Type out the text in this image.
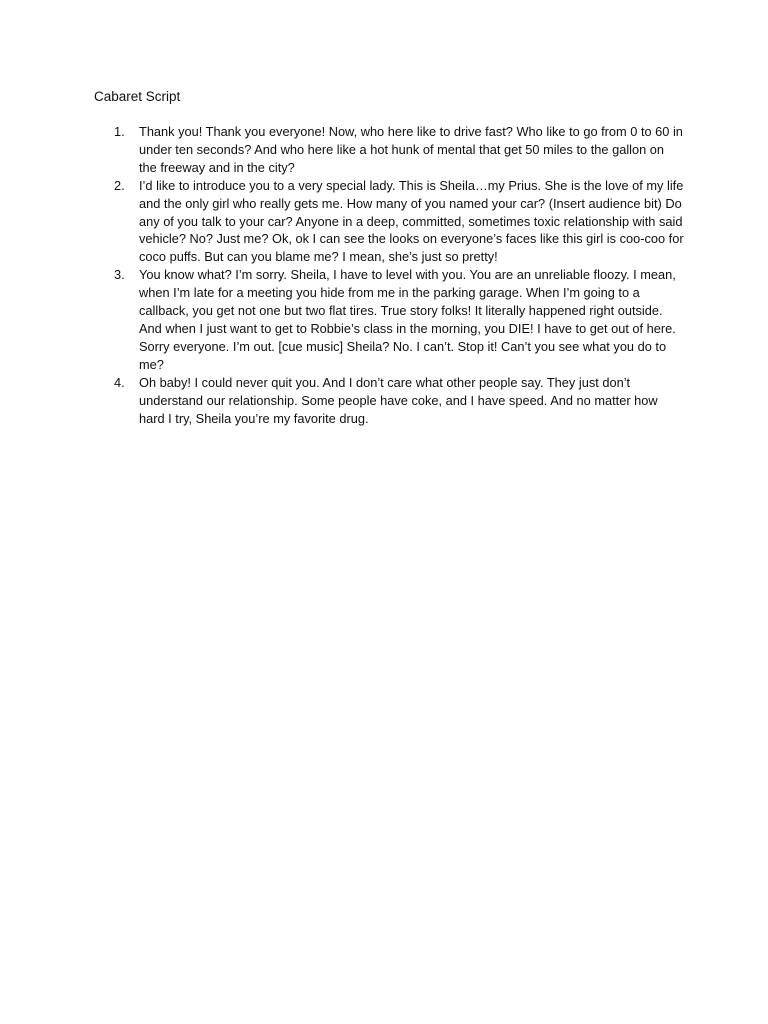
Cabaret Script
1. Thank you! Thank you everyone! Now, who here like to drive fast? Who like to go from 0 to 60 in under ten seconds? And who here like a hot hunk of mental that get 50 miles to the gallon on the freeway and in the city?
2. I’d like to introduce you to a very special lady. This is Sheila…my Prius. She is the love of my life and the only girl who really gets me. How many of you named your car? (Insert audience bit) Do any of you talk to your car? Anyone in a deep, committed, sometimes toxic relationship with said vehicle? No? Just me? Ok, ok I can see the looks on everyone’s faces like this girl is coo-coo for coco puffs. But can you blame me? I mean, she’s just so pretty!
3. You know what? I’m sorry. Sheila, I have to level with you. You are an unreliable floozy. I mean, when I’m late for a meeting you hide from me in the parking garage. When I’m going to a callback, you get not one but two flat tires. True story folks! It literally happened right outside. And when I just want to get to Robbie’s class in the morning, you DIE! I have to get out of here. Sorry everyone. I’m out. [cue music] Sheila? No. I can’t. Stop it! Can’t you see what you do to me?
4. Oh baby! I could never quit you. And I don’t care what other people say. They just don’t understand our relationship. Some people have coke, and I have speed. And no matter how hard I try, Sheila you’re my favorite drug.
